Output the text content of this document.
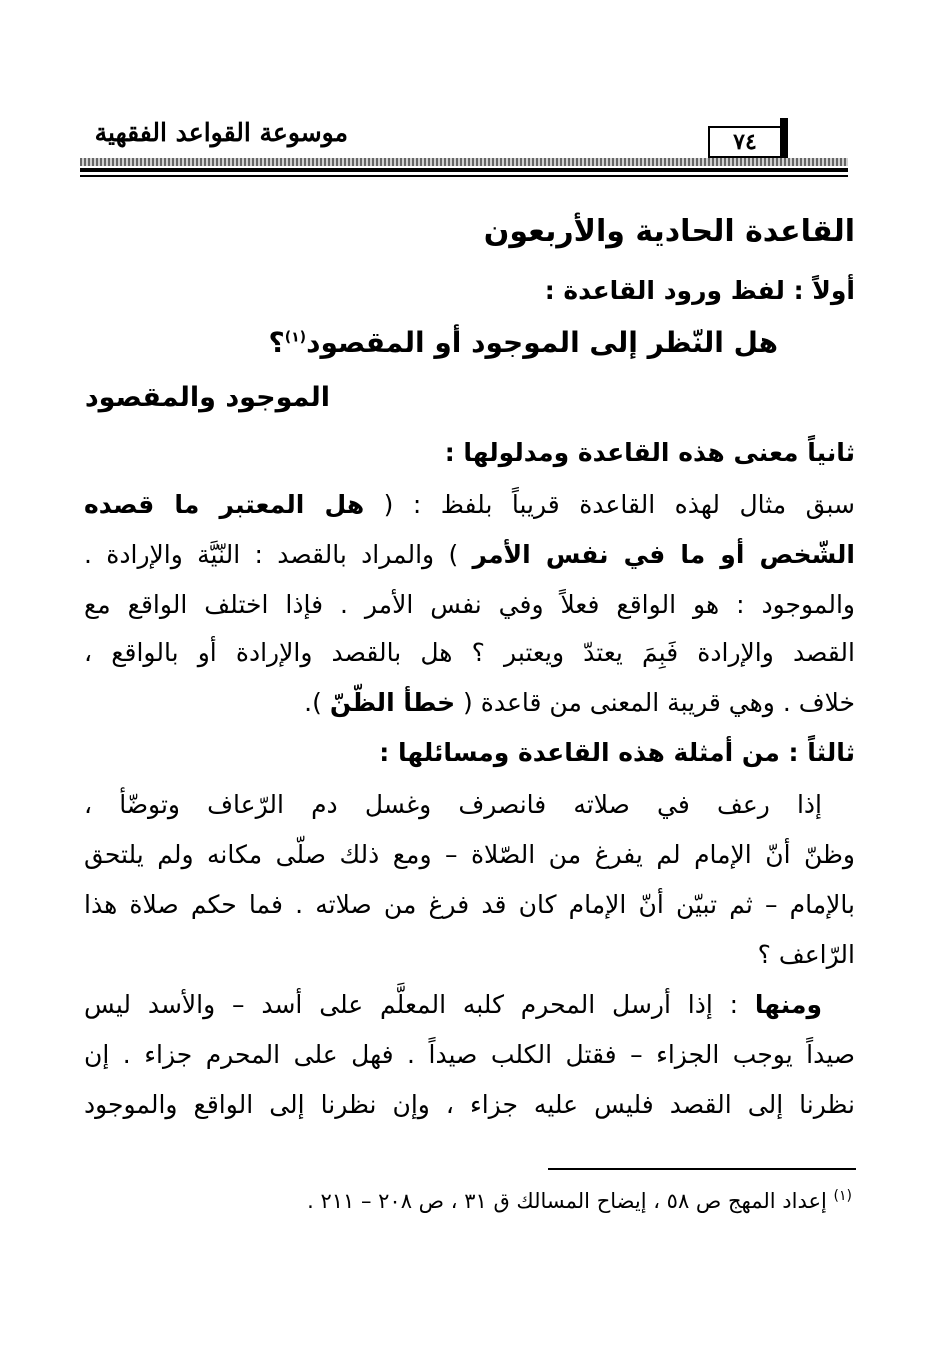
موسوعة القواعد الفقهية	٧٤
القاعدة الحادية والأربعون
أولاً : لفظ ورود القاعدة :
هل النّظر إلى الموجود أو المقصود$^{(١)}$؟
الموجود والمقصود
ثانياً معنى هذه القاعدة ومدلولها :
سبق مثال لهذه القاعدة قريباً بلفظ : ( هل المعتبر ما قصده
الشّخص أو ما في نفس الأمر ) والمراد بالقصد : النّيَّة والإرادة .
والموجود : هو الواقع فعلاً وفي نفس الأمر . فإذا اختلف الواقع مع
القصد والإرادة فَبِمَ يعتدّ ويعتبر ؟ هل بالقصد والإرادة أو بالواقع ،
خلاف . وهي قريبة المعنى من قاعدة ( خطأ الظّنّ ).
ثالثاً : من أمثلة هذه القاعدة ومسائلها :
إذا رعف في صلاته فانصرف وغسل دم الرّعاف وتوضّأ ،
وظنّ أنّ الإمام لم يفرغ من الصّلاة – ومع ذلك صلّى مكانه ولم يلتحق
بالإمام – ثم تبيّن أنّ الإمام كان قد فرغ من صلاته . فما حكم صلاة هذا
الرّاعف ؟
ومنها : إذا أرسل المحرم كلبه المعلَّم على أسد – والأسد ليس
صيداً يوجب الجزاء – فقتل الكلب صيداً . فهل على المحرم جزاء . إن
نظرنا إلى القصد فليس عليه جزاء ، وإن نظرنا إلى الواقع والموجود
$^{(١)}$ إعداد المهج ص ٥٨ ، إيضاح المسالك ق ٣١ ، ص ٢٠٨ – ٢١١ .
